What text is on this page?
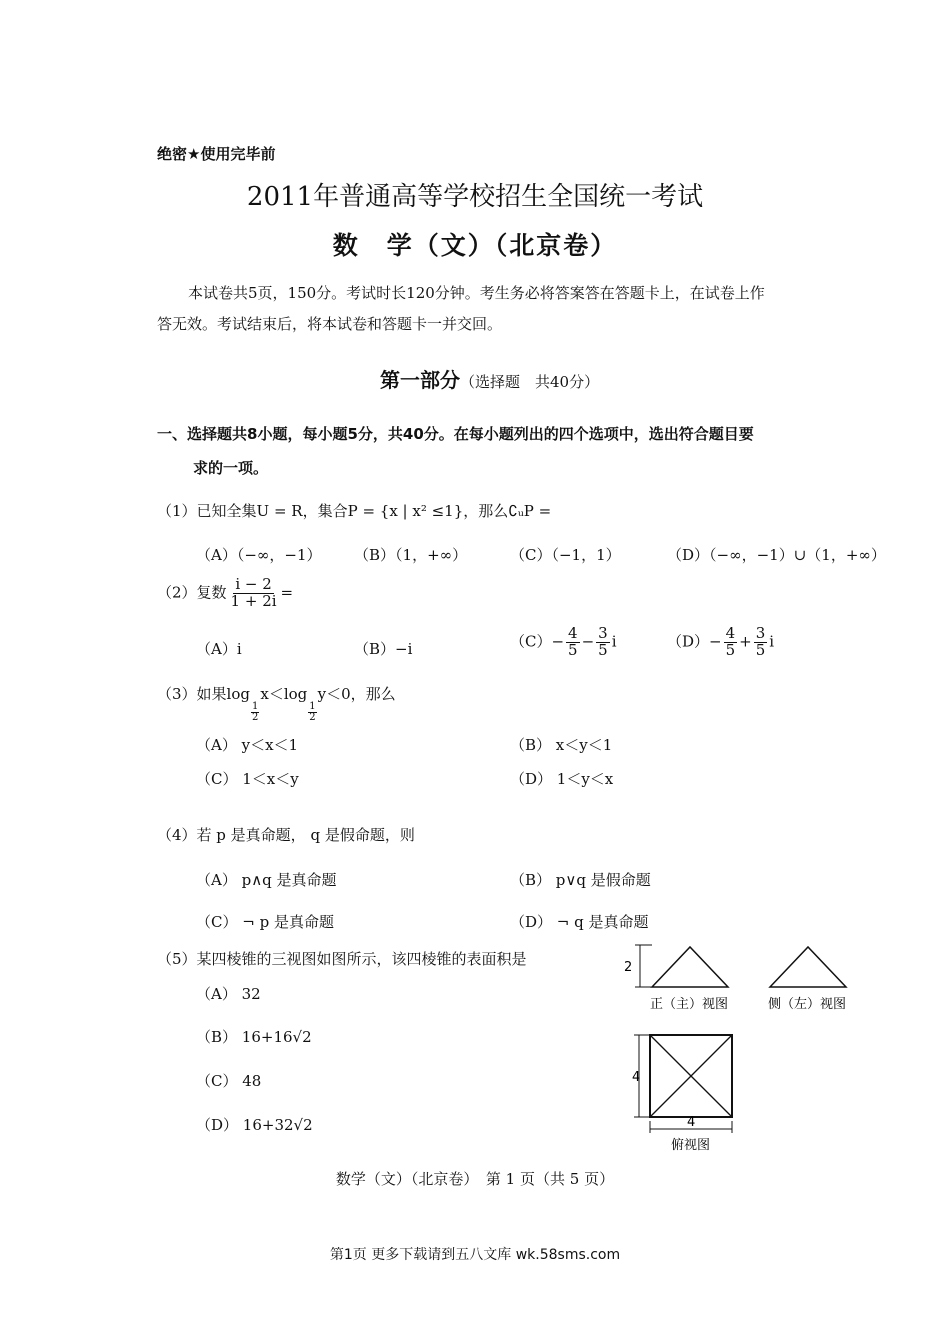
绝密★使用完毕前
2011年普通高等学校招生全国统一考试
数　学（文）（北京卷）
本试卷共5页，150分。考试时长120分钟。考生务必将答案答在答题卡上，在试卷上作
答无效。考试结束后，将本试卷和答题卡一并交回。
第一部分（选择题　共40分）
一、选择题共8小题，每小题5分，共40分。在每小题列出的四个选项中，选出符合题目要
求的一项。
（1）已知全集U = R，集合P = {x | x² ≤1}，那么∁ᵤP =
（A）（−∞，−1） （B）（1，+∞）	（C）（−1，1）	（D）（−∞，−1）∪（1，+∞）
（2）复数 $\frac{i - 2}{1 + 2i}$ =
（A）i	（B）−i	$(C)- \frac{4}{5} - \frac{3}{5}$ i	$(D)- \frac{4}{5} + \frac{3}{5}$ i
（3）如果log
$\frac{1}{2}$
x＜log
$\frac{1}{2}$
y＜0，那么
（A） y＜x＜1	（B） x＜y＜1
（C） 1＜x＜y	（D） 1＜y＜x
（4）若 p 是真命题， q 是假命题，则
（A） p∧q 是真命题	（B） p∨q 是假命题
（C） ¬ p 是真命题	（D） ¬ q 是真命题
（5）某四棱锥的三视图如图所示，该四棱锥的表面积是
（A） 32
（B） 16+16√2
（C） 48
（D） 16+32√2
2
正（主）视图	侧（左）视图
4
4
俯视图
数学（文）（北京卷）　第 1 页（共 5 页）
第1页 更多下载请到五八文库 wk.58sms.com
